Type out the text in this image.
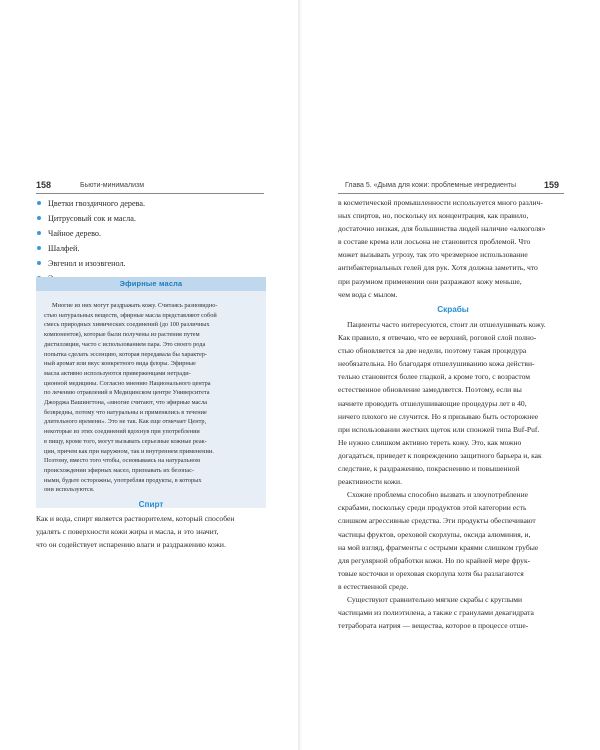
158	Бьюти-минимализм
Цветки гвоздичного дерева.
Цитрусовый сок и масла.
Чайное дерево.
Шалфей.
Эвгенол и изоэвгенол.
Эфирные масла
Многие из них могут раздражать кожу. Считаясь разновидно-
стью натуральных веществ, эфирные масла представляют собой
смесь природных химических соединений (до 100 различных
компонентов), которые были получены из растения путем
дистилляции, часто с использованием пара. Это своего рода
попытка сделать эссенцию, которая передавала бы характер-
ный аромат или вкус конкретного вида флоры. Эфирные
масла активно используются приверженцами нетради-
ционной медицины. Согласно мнению Национального центра
по лечению отравлений в Медицинском центре Университета
Джорджа Вашингтона, «многие считают, что эфирные масла
безвредны, потому что натуральны и применялись в течение
длительного времени». Это не так. Как еще отмечает Центр,
некоторые из этих соединений вдохнув при употреблении
в пищу, кроме того, могут вызывать серьезные кожные реак-
ции, причем как при наружном, так и внутреннем применении.
Поэтому, вместо того чтобы, основываясь на натуральном
происхождении эфирных масел, признавать их безопас-
ными, будьте осторожны, употребляя продукты, в которых
они используются.
Спирт
Как и вода, спирт является растворителем, который способен
удалять с поверхности кожи жиры и масла, и это значит,
что он содействует испарению влаги и раздражению кожи.
Глава 5. «Дыма для кожи: проблемные ингредиенты	159
в косметической промышленности используется много различ-
ных спиртов, но, поскольку их концентрация, как правило,
достаточно низкая, для большинства людей наличие «алкоголя»
в составе крема или лосьона не становится проблемой. Что
может вызывать угрозу, так это чрезмерное использование
антибактериальных гелей для рук. Хотя должна заметить, что
при разумном применении они разражают кожу меньше,
чем вода с мылом.
Скрабы
Пациенты часто интересуются, стоит ли отшелушивать кожу.
Как правило, я отвечаю, что ее верхний, роговой слой полно-
стью обновляется за две недели, поэтому такая процедура
необязательна. Но благодаря отшелушиванию кожа действи-
тельно становится более гладкой, а кроме того, с возрастом
естественное обновление замедляется. Поэтому, если вы
начнете проводить отшелушивающие процедуры лет в 40,
ничего плохого не случится. Но я призываю быть осторожнее
при использовании жестких щеток или спонжей типа Buf-Puf.
Не нужно слишком активно тереть кожу. Это, как можно
догадаться, приведет к повреждению защитного барьера и, как
следствие, к раздражению, покраснению и повышенной
реактивности кожи.
Схожие проблемы способно вызвать и злоупотребление
скрабами, поскольку среди продуктов этой категории есть
слишком агрессивные средства. Эти продукты обеспечивают
частицы фруктов, ореховой скорлупы, оксида алюминия, и,
на мой взгляд, фрагменты с острыми краями слишком грубые
для регулярной обработки кожи. Но по крайней мере фрук-
товые косточки и ореховая скорлупа хотя бы разлагаются
в естественной среде.
Существуют сравнительно мягкие скрабы с круглыми
частицами из полиэтилена, а также с гранулами декагидрата
тетрабората натрия — вещества, которое в процессе отше-
